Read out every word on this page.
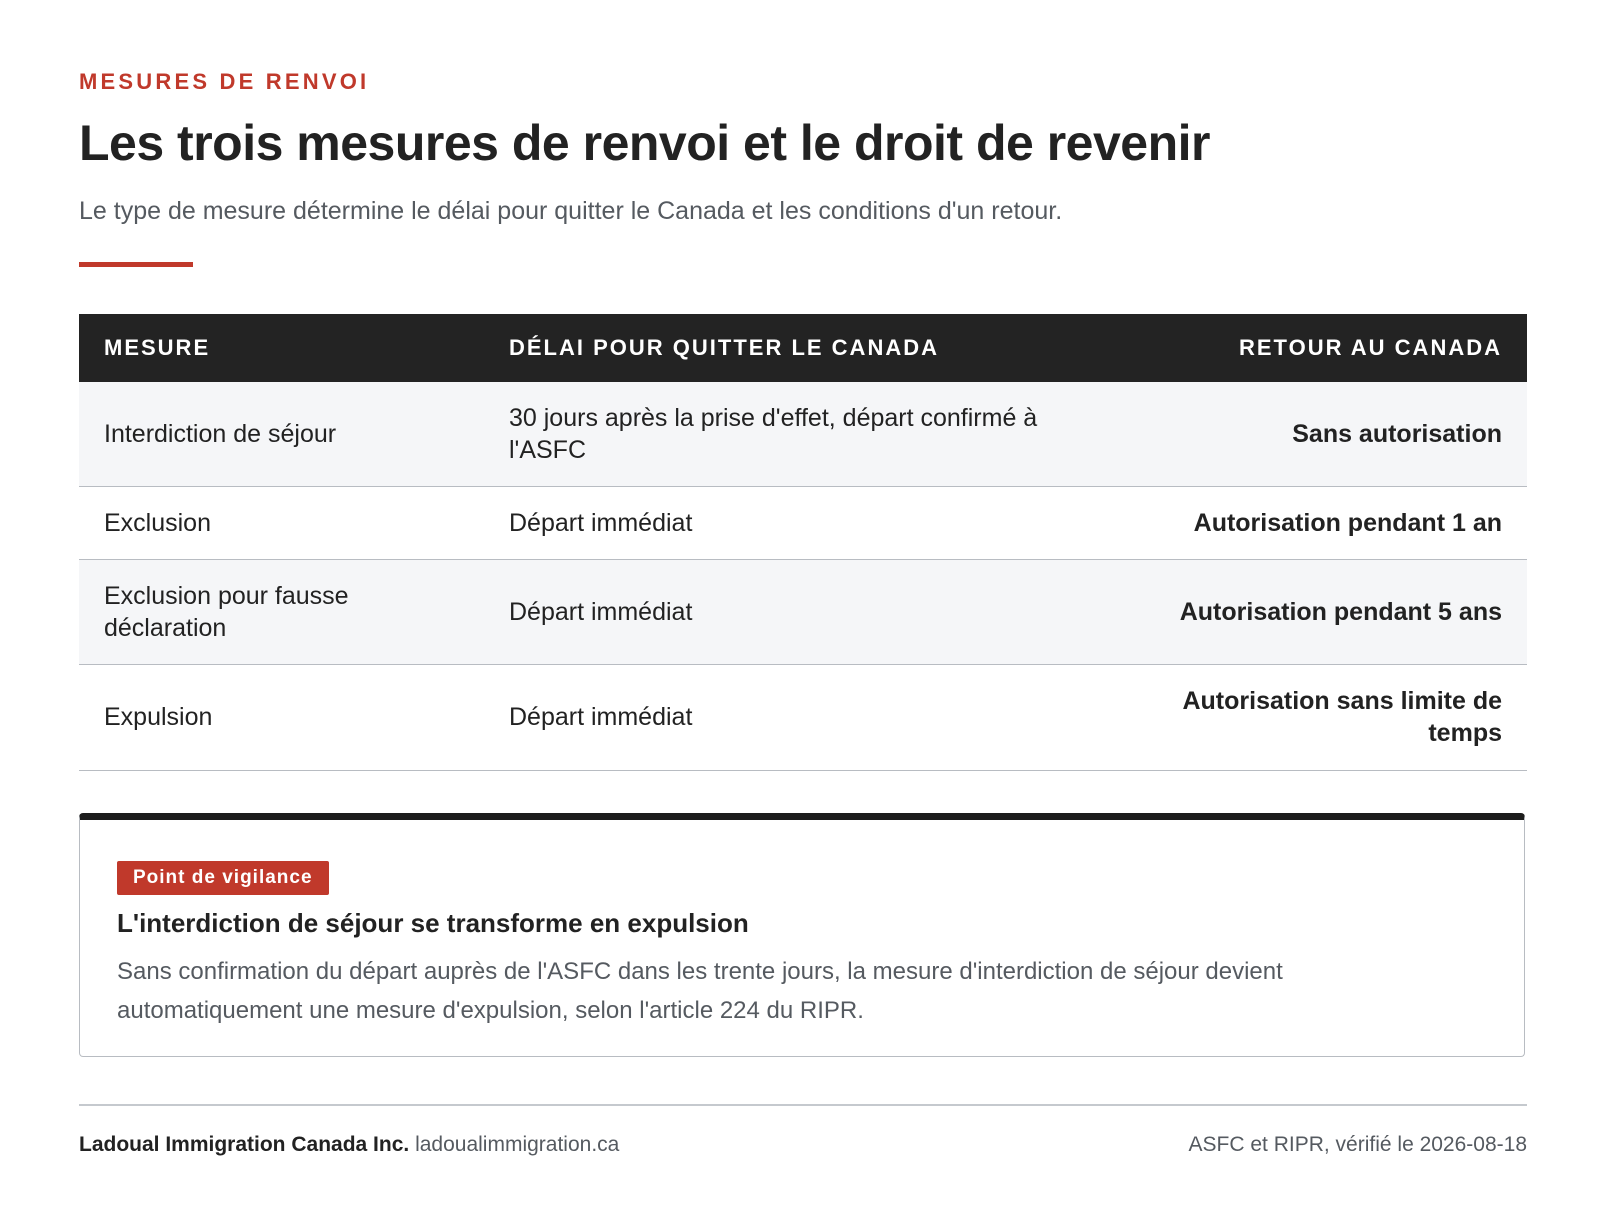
MESURES DE RENVOI
Les trois mesures de renvoi et le droit de revenir
Le type de mesure détermine le délai pour quitter le Canada et les conditions d'un retour.
MESURE	DÉLAI POUR QUITTER LE CANADA	RETOUR AU CANADA
Interdiction de séjour	30 jours après la prise d'effet, départ confirmé à l'ASFC	Sans autorisation
Exclusion	Départ immédiat	Autorisation pendant 1 an

Exclusion pour fausse déclaration	Départ immédiat	Autorisation pendant 5 ans
Expulsion	Départ immédiat	Autorisation sans limite de temps
Point de vigilance
L'interdiction de séjour se transforme en expulsion
Sans confirmation du départ auprès de l'ASFC dans les trente jours, la mesure d'interdiction de séjour devient automatiquement une mesure d'expulsion, selon l'article 224 du RIPR.
Ladoual Immigration Canada Inc. ladoualimmigration.ca	ASFC et RIPR, vérifié le 2026-08-18
